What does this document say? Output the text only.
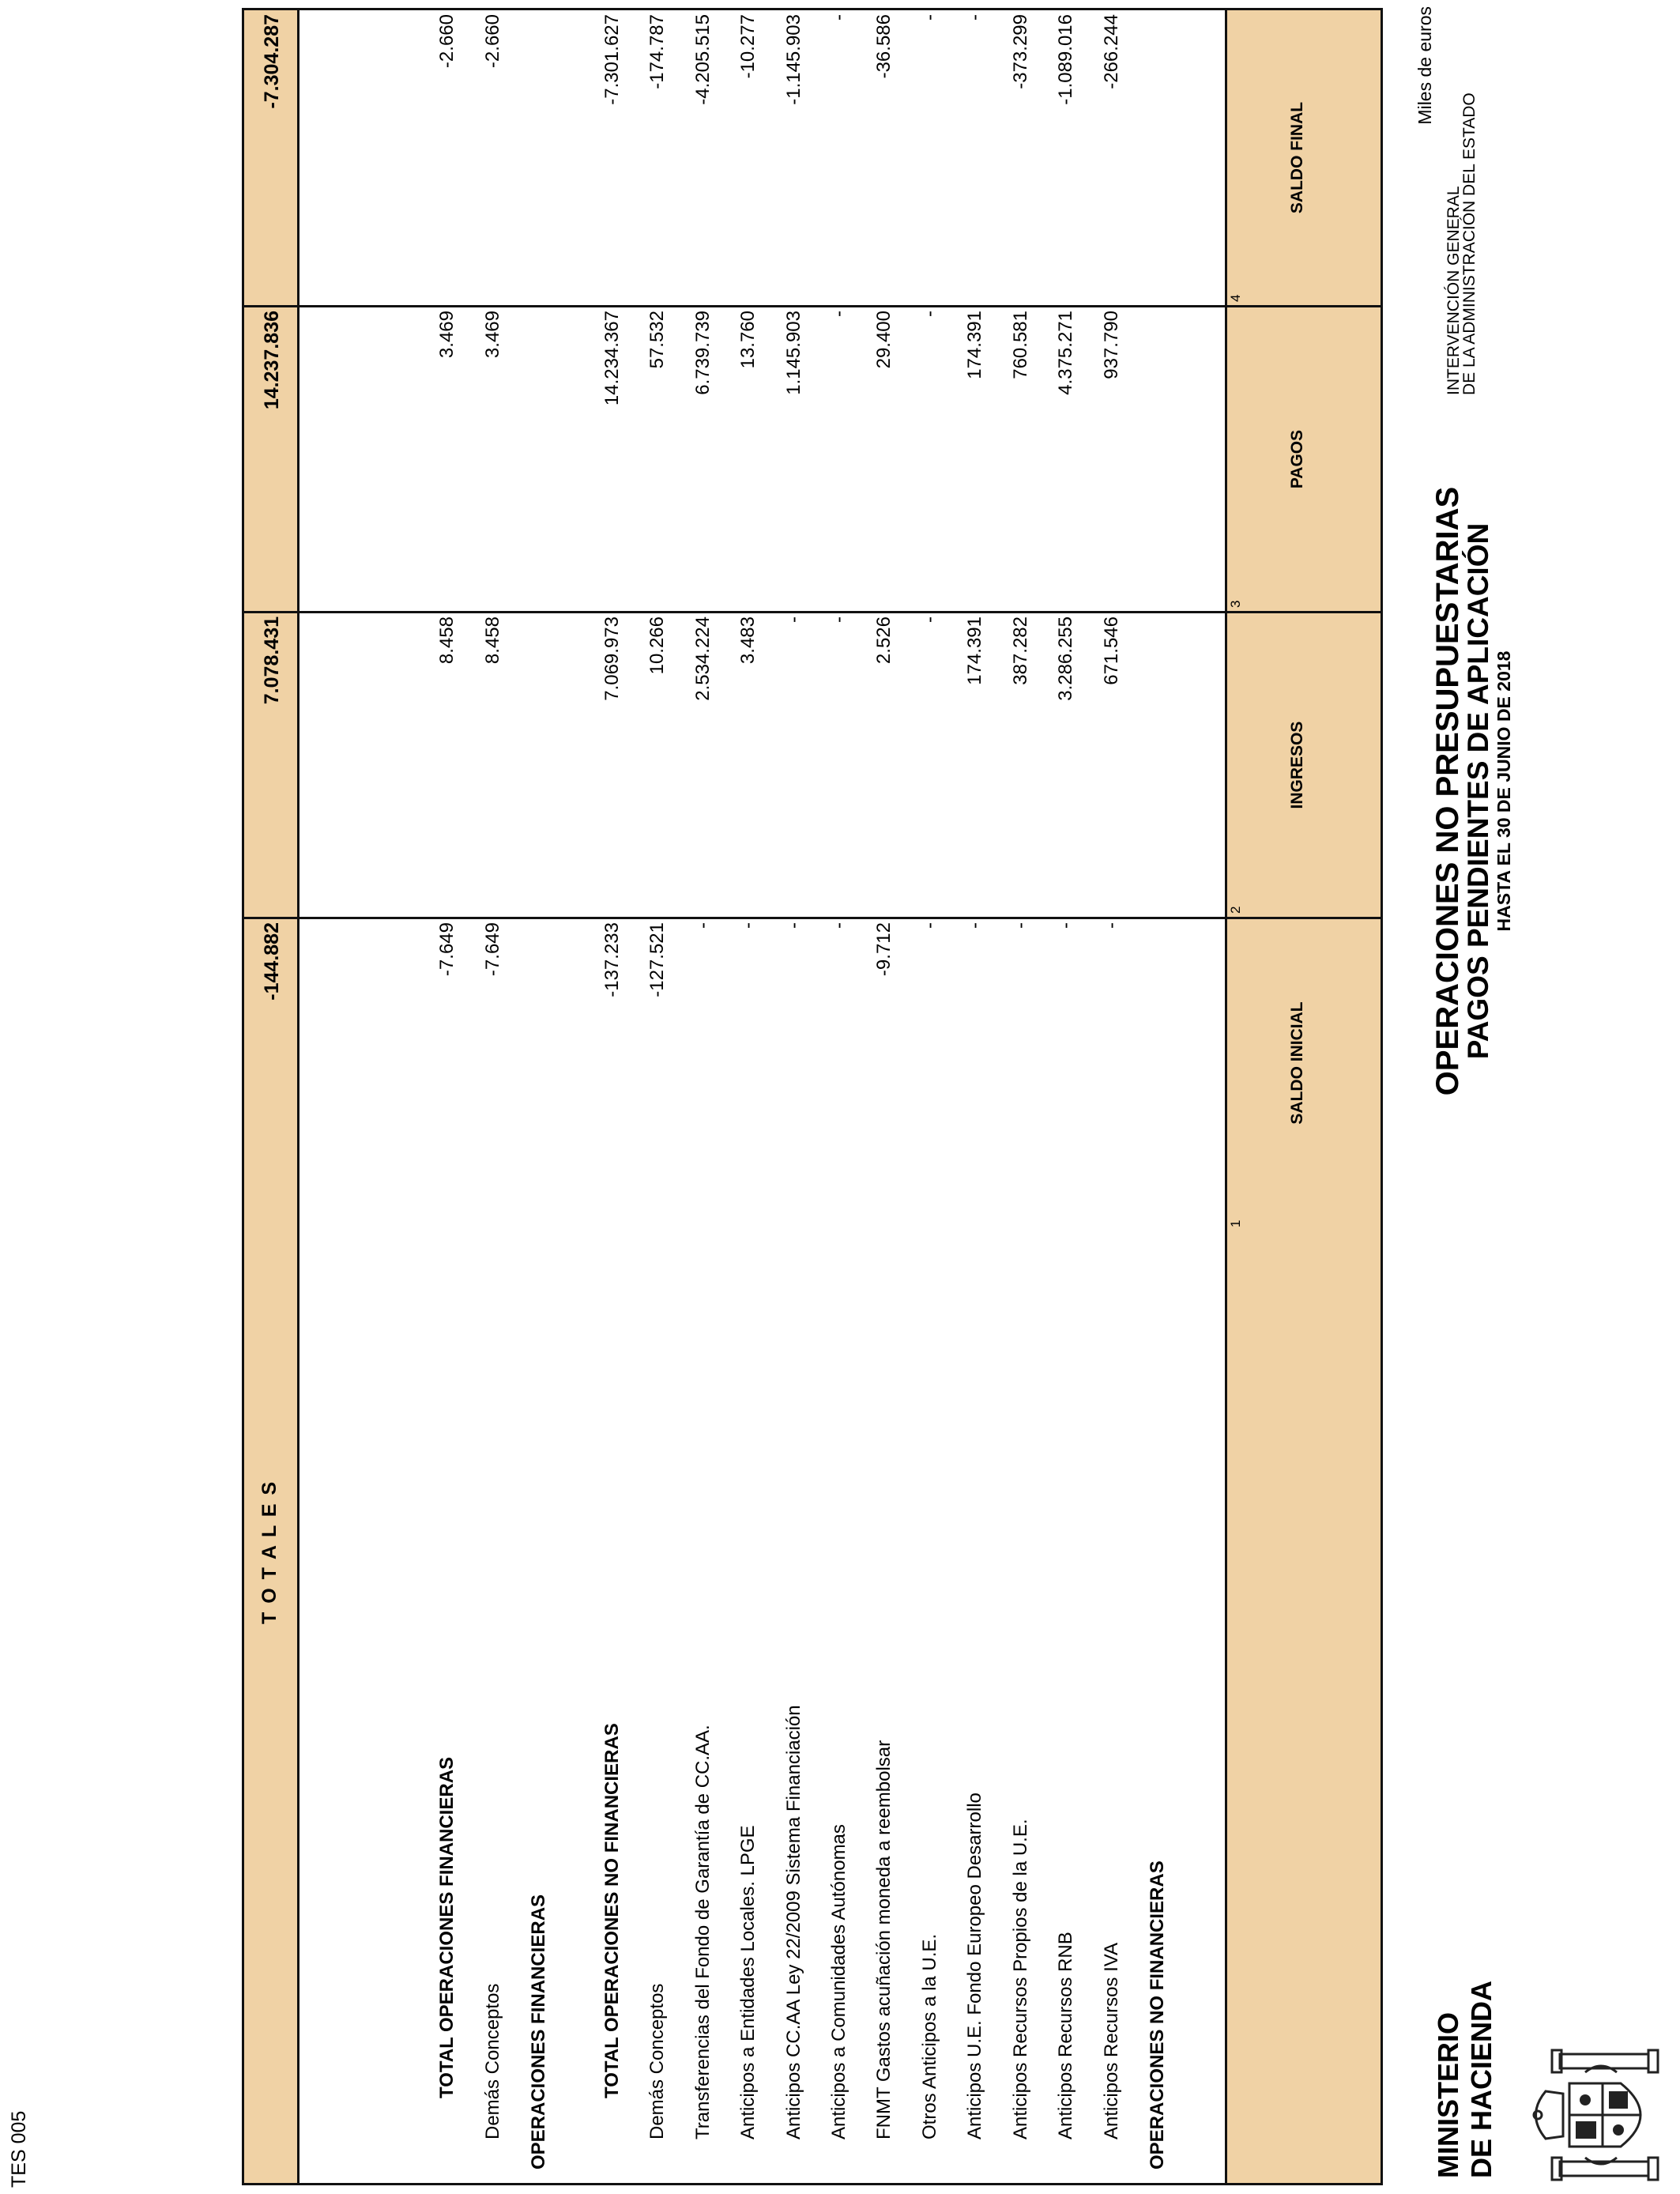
MINISTERIO DE HACIENDA
OPERACIONES NO PRESUPUESTARIAS
PAGOS PENDIENTES DE APLICACIÓN HASTA EL 30 DE JUNIO DE 2018
INTERVENCIÓN GENERAL
DE LA ADMINISTRACIÓN DEL ESTADO
Miles de euros
TES 005
SALDO INICIAL
INGRESOS
PAGOS
SALDO FINAL
1
2
3
4
OPERACIONES NO FINANCIERAS
Anticipos Recursos IVA
-
671.546
937.790
-266.244
Anticipos Recursos RNB
-
3.286.255
4.375.271
-1.089.016
Anticipos Recursos Propios de la U.E.
-
387.282
760.581
-373.299
Anticipos U.E. Fondo Europeo Desarrollo
-
174.391
174.391
-
Otros Anticipos a la U.E.
-
-
-
-
FNMT Gastos acuñación moneda a reembolsar
-9.712
2.526
29.400
-36.586
Anticipos a Comunidades Autónomas
-
-
-
-
Anticipos CC.AA Ley 22/2009 Sistema Financiación
-
-
1.145.903
-1.145.903
Anticipos a Entidades Locales. LPGE
-
3.483
13.760
-10.277
Transferencias del Fondo de Garantía de CC.AA.
-
2.534.224
6.739.739
-4.205.515
Demás Conceptos
-127.521
10.266
57.532
-174.787
TOTAL OPERACIONES NO FINANCIERAS
-137.233
7.069.973
14.234.367
-7.301.627
OPERACIONES FINANCIERAS
Demás Conceptos
-7.649
8.458
3.469
-2.660
TOTAL OPERACIONES FINANCIERAS
-7.649
8.458
3.469
-2.660
T O T A L E S
-144.882
7.078.431
14.237.836
-7.304.287
